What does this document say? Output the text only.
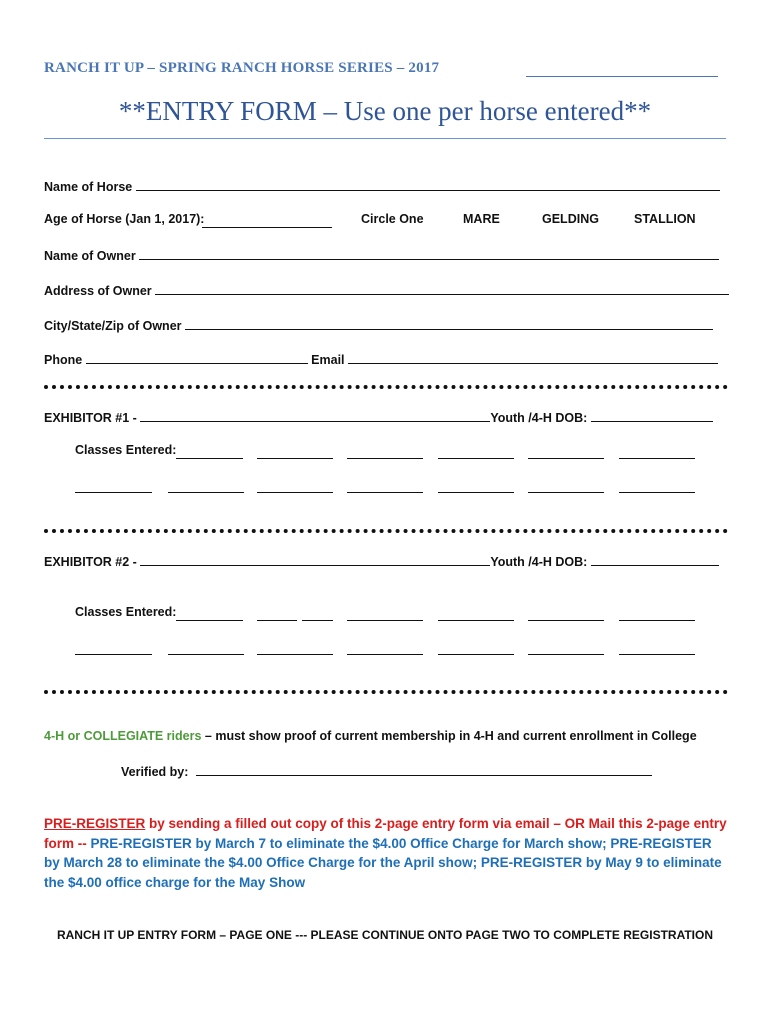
RANCH IT UP – SPRING RANCH HORSE SERIES – 2017
**ENTRY FORM – Use one per horse entered**
Name of Horse
Age of Horse (Jan 1, 2017):	Circle One	MARE	GELDING	STALLION
Name of Owner
Address of Owner
City/State/Zip of Owner
Phone	Email
EXHIBITOR #1 -	Youth /4-H DOB:
Classes Entered:
EXHIBITOR #2 -	Youth /4-H DOB:
Classes Entered:
4-H or COLLEGIATE riders – must show proof of current membership in 4-H and current enrollment in College
Verified by:
PRE-REGISTER by sending a filled out copy of this 2-page entry form via email – OR Mail this 2-page entry form -- PRE-REGISTER by March 7 to eliminate the $4.00 Office Charge for March show; PRE-REGISTER by March 28 to eliminate the $4.00 Office Charge for the April show; PRE-REGISTER by May 9 to eliminate the $4.00 office charge for the May Show
RANCH IT UP ENTRY FORM – PAGE ONE --- PLEASE CONTINUE ONTO PAGE TWO TO COMPLETE REGISTRATION
